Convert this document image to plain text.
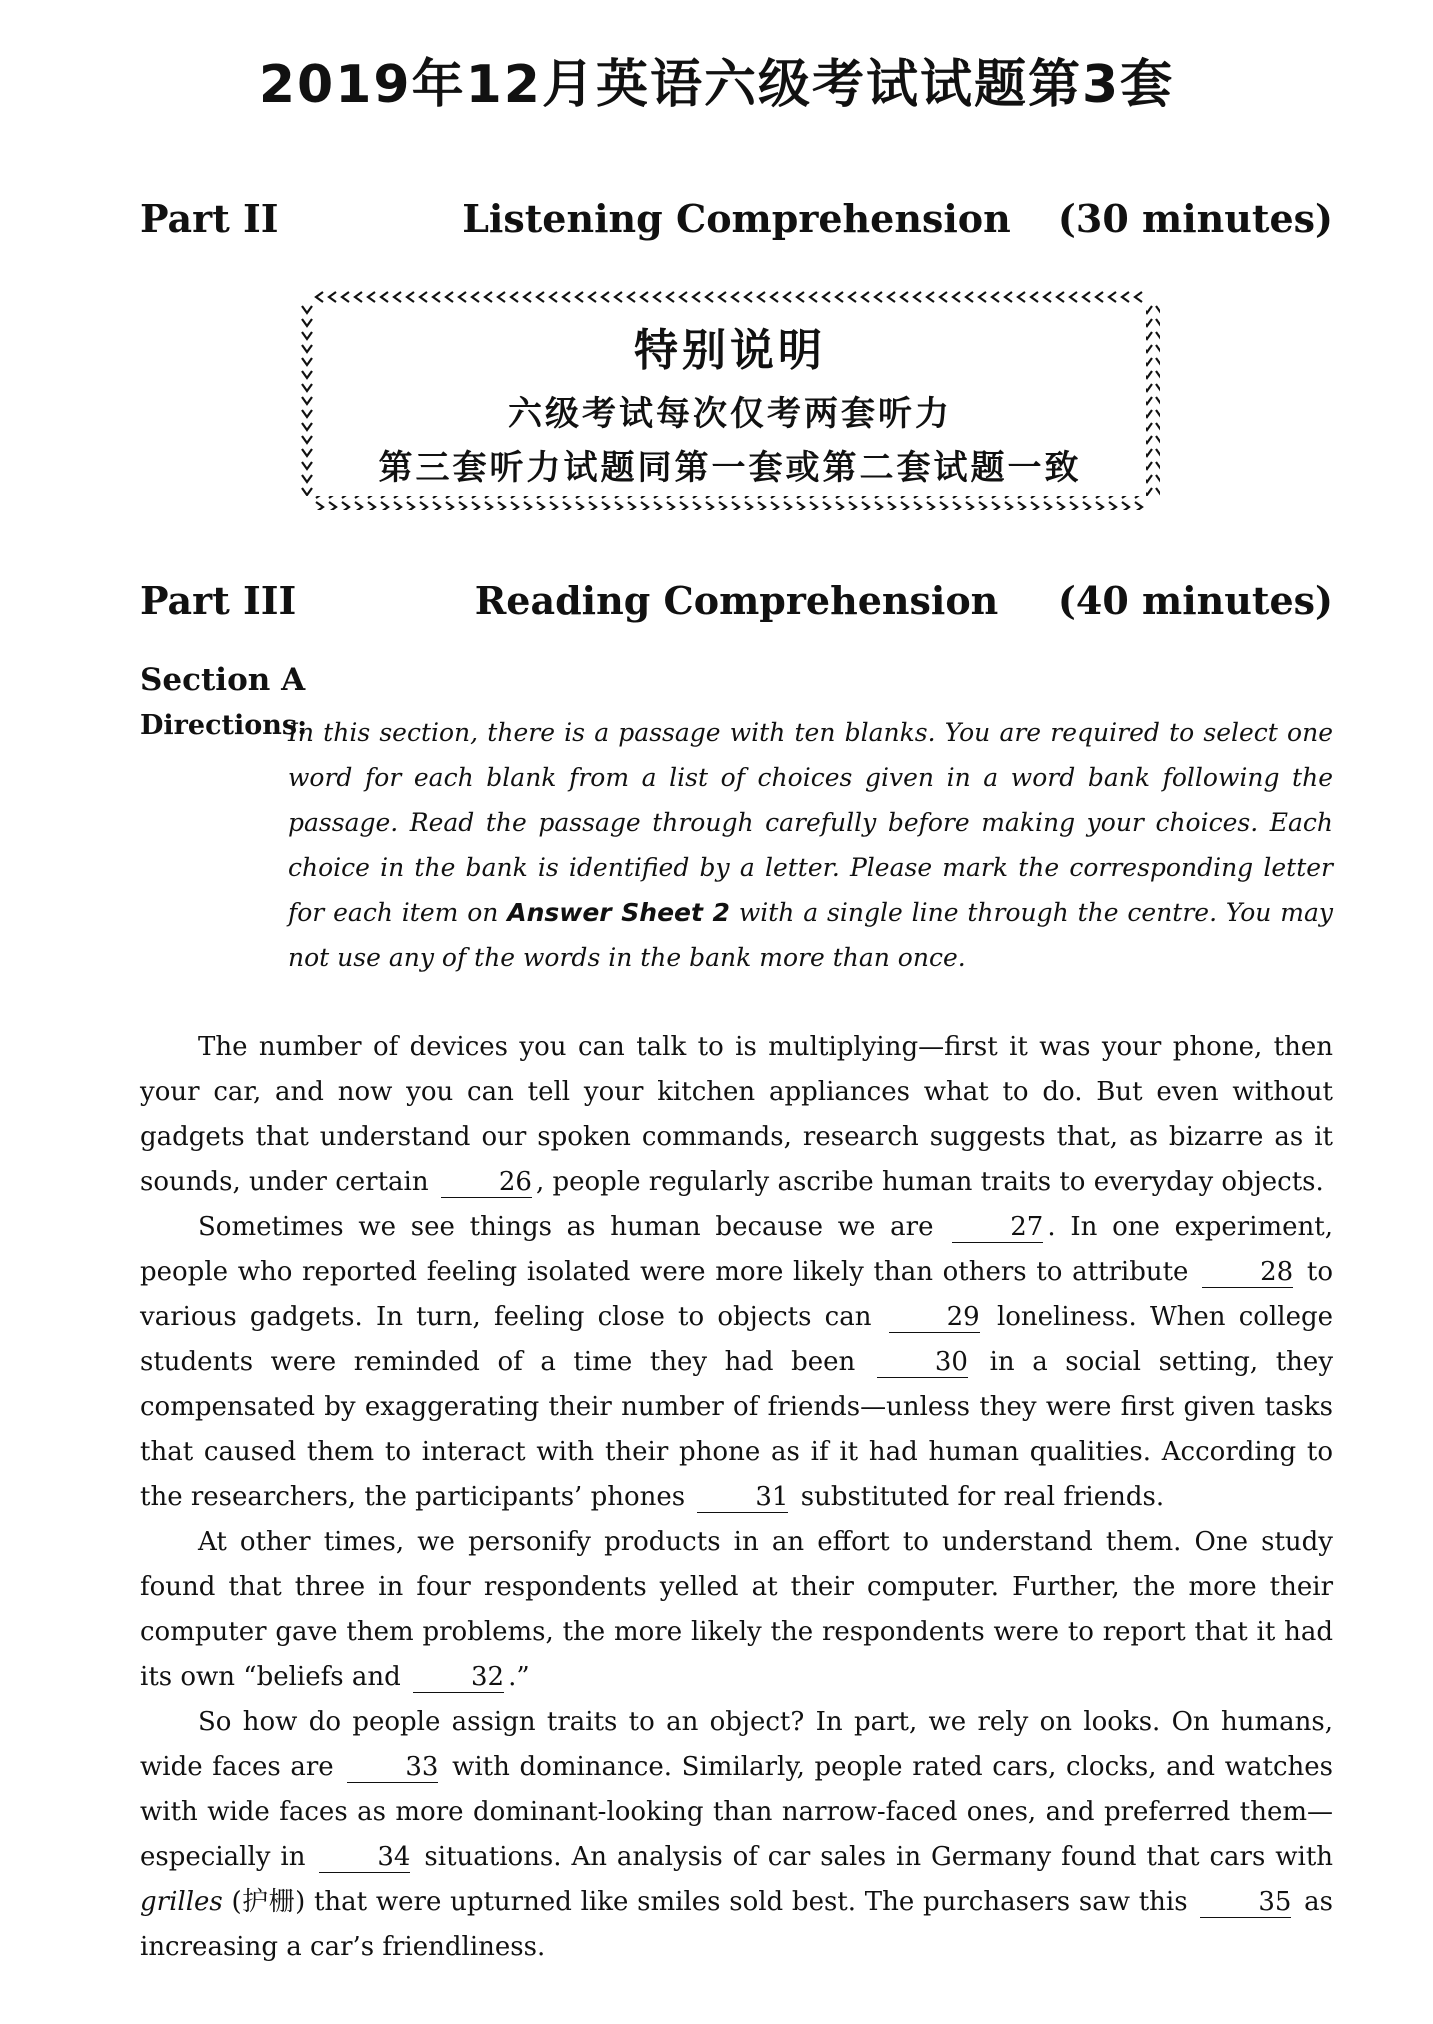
2019年12月英语六级考试试题第3套
Part II	Listening Comprehension	(30 minutes)
特别说明
六级考试每次仅考两套听力
第三套听力试题同第一套或第二套试题一致
Part III	Reading Comprehension	(40 minutes)
Section A
Directions:
In this section, there is a passage with ten blanks. You are required to select one word for each blank from a list of choices given in a word bank following the passage. Read the passage through carefully before making your choices. Each choice in the bank is identified by a letter. Please mark the corresponding letter for each item on Answer Sheet 2 with a single line through the centre. You may not use any of the words in the bank more than once.

The number of devices you can talk to is multiplying—first it was your phone, then your car, and now you can tell your kitchen appliances what to do. But even without gadgets that understand our spoken commands, research suggests that, as bizarre as it sounds, under certain	26 , people regularly ascribe human traits to everyday objects.

Sometimes we see things as human because we are	27 . In one experiment, people who reported feeling isolated were more likely than others to attribute	28 to various gadgets. In turn, feeling close to objects can	29 loneliness. When college students were reminded of a time they had been	30 in a social setting, they compensated by exaggerating their number of friends—unless they were first given tasks that caused them to interact with their phone as if it had human qualities. According to the researchers, the participants’ phones	31 substituted for real friends.

At other times, we personify products in an effort to understand them. One study found that three in four respondents yelled at their computer. Further, the more their computer gave them problems, the more likely the respondents were to report that it had its own “beliefs and	32 .”

So how do people assign traits to an object? In part, we rely on looks. On humans, wide faces are	33 with dominance. Similarly, people rated cars, clocks, and watches with wide faces as more dominant-looking than narrow-faced ones, and preferred them—especially in	34 situations. An analysis of car sales in Germany found that cars with grilles (护栅) that were upturned like smiles sold best. The purchasers saw this	35 as increasing a car’s friendliness.
